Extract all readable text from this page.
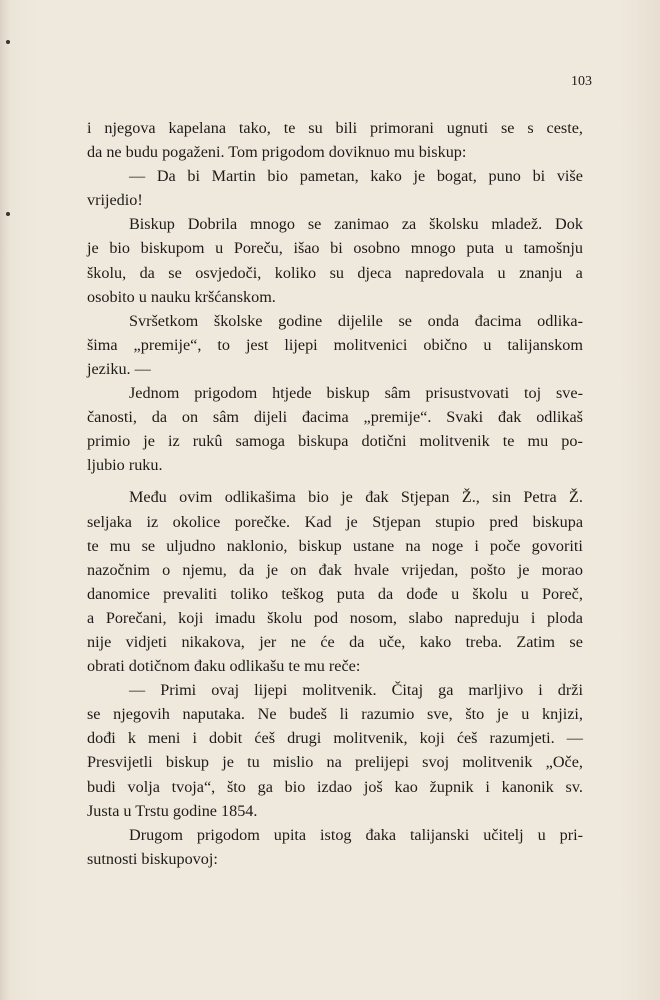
103
i njegova kapelana tako, te su bili primorani ugnuti se s ceste,
da ne budu pogaženi. Tom prigodom doviknuo mu biskup:
— Da bi Martin bio pametan, kako je bogat, puno bi više
vrijedio!
Biskup Dobrila mnogo se zanimao za školsku mladež. Dok
je bio biskupom u Poreču, išao bi osobno mnogo puta u tamošnju
školu, da se osvjedoči, koliko su djeca napredovala u znanju a
osobito u nauku kršćanskom.
Svršetkom školske godine dijelile se onda đacima odlika-
šima „premije“, to jest lijepi molitvenici obično u talijanskom
jeziku. —
Jednom prigodom htjede biskup sâm prisustvovati toj sve-
čanosti, da on sâm dijeli đacima „premije“. Svaki đak odlikaš
primio je iz rukû samoga biskupa dotični molitvenik te mu po-
ljubio ruku.
Među ovim odlikašima bio je đak Stjepan Ž., sin Petra Ž.
seljaka iz okolice porečke. Kad je Stjepan stupio pred biskupa
te mu se uljudno naklonio, biskup ustane na noge i poče govoriti
nazočnim o njemu, da je on đak hvale vrijedan, pošto je morao
danomice prevaliti toliko teškog puta da dođe u školu u Poreč,
a Porečani, koji imadu školu pod nosom, slabo napreduju i ploda
nije vidjeti nikakova, jer ne će da uče, kako treba. Zatim se
obrati dotičnom đaku odlikašu te mu reče:
— Primi ovaj lijepi molitvenik. Čitaj ga marljivo i drži
se njegovih naputaka. Ne budeš li razumio sve, što je u knjizi,
dođi k meni i dobit ćeš drugi molitvenik, koji ćeš razumjeti. —
Presvijetli biskup je tu mislio na prelijepi svoj molitvenik „Oče,
budi volja tvoja“, što ga bio izdao još kao župnik i kanonik sv.
Justa u Trstu godine 1854.
Drugom prigodom upita istog đaka talijanski učitelj u pri-
sutnosti biskupovoj:
